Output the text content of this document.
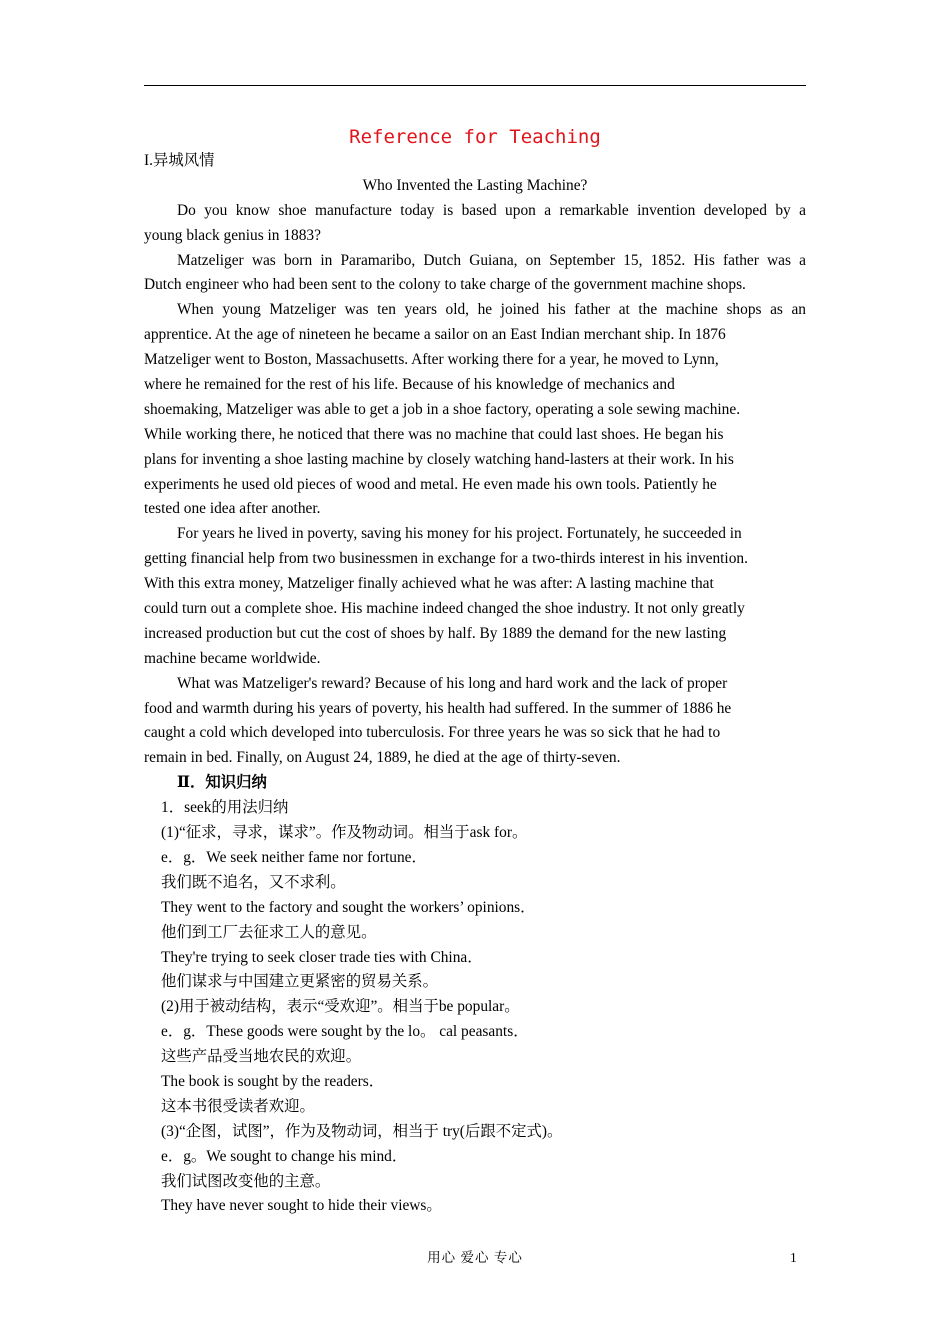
Reference for Teaching
I.异城风情
Who Invented the Lasting Machine?
Do you know shoe manufacture today is based upon a remarkable invention developed by a
young black genius in 1883?
Matzeliger was born in Paramaribo, Dutch Guiana, on September 15, 1852. His father was a
Dutch engineer who had been sent to the colony to take charge of the government machine shops.
When young Matzeliger was ten years old, he joined his father at the machine shops as an
apprentice. At the age of nineteen he became a sailor on an East Indian merchant ship. In 1876
Matzeliger went to Boston, Massachusetts. After working there for a year, he moved to Lynn,
where he remained for the rest of his life. Because of his knowledge of mechanics and
shoemaking, Matzeliger was able to get a job in a shoe factory, operating a sole sewing machine.
While working there, he noticed that there was no machine that could last shoes. He began his
plans for inventing a shoe lasting machine by closely watching hand-lasters at their work. In his
experiments he used old pieces of wood and metal. He even made his own tools. Patiently he
tested one idea after another.
For years he lived in poverty, saving his money for his project. Fortunately, he succeeded in
getting financial help from two businessmen in exchange for a two-thirds interest in his invention.
With this extra money, Matzeliger finally achieved what he was after: A lasting machine that
could turn out a complete shoe. His machine indeed changed the shoe industry. It not only greatly
increased production but cut the cost of shoes by half. By 1889 the demand for the new lasting
machine became worldwide.
What was Matzeliger's reward? Because of his long and hard work and the lack of proper
food and warmth during his years of poverty, his health had suffered. In the summer of 1886 he
caught a cold which developed into tuberculosis. For three years he was so sick that he had to
remain in bed. Finally, on August 24, 1889, he died at the age of thirty-seven.
Ⅱ．知识归纳
1．seek的用法归纳
(1)“征求，寻求，谋求”。作及物动词。相当于ask for。
e．g．We seek neither fame nor fortune．
我们既不追名，又不求利。
They went to the factory and sought the workers’ opinions．
他们到工厂去征求工人的意见。
They're trying to seek closer trade ties with China．
他们谋求与中国建立更紧密的贸易关系。
(2)用于被动结构，表示“受欢迎”。相当于be popular。
e．g．These goods were sought by the lo。 cal peasants．
这些产品受当地农民的欢迎。
The book is sought by the readers．
这本书很受读者欢迎。
(3)“企图，试图”，作为及物动词，相当于 try(后跟不定式)。
e．g。We sought to change his mind．
我们试图改变他的主意。
They have never sought to hide their views。
用心 爱心 专心	1
